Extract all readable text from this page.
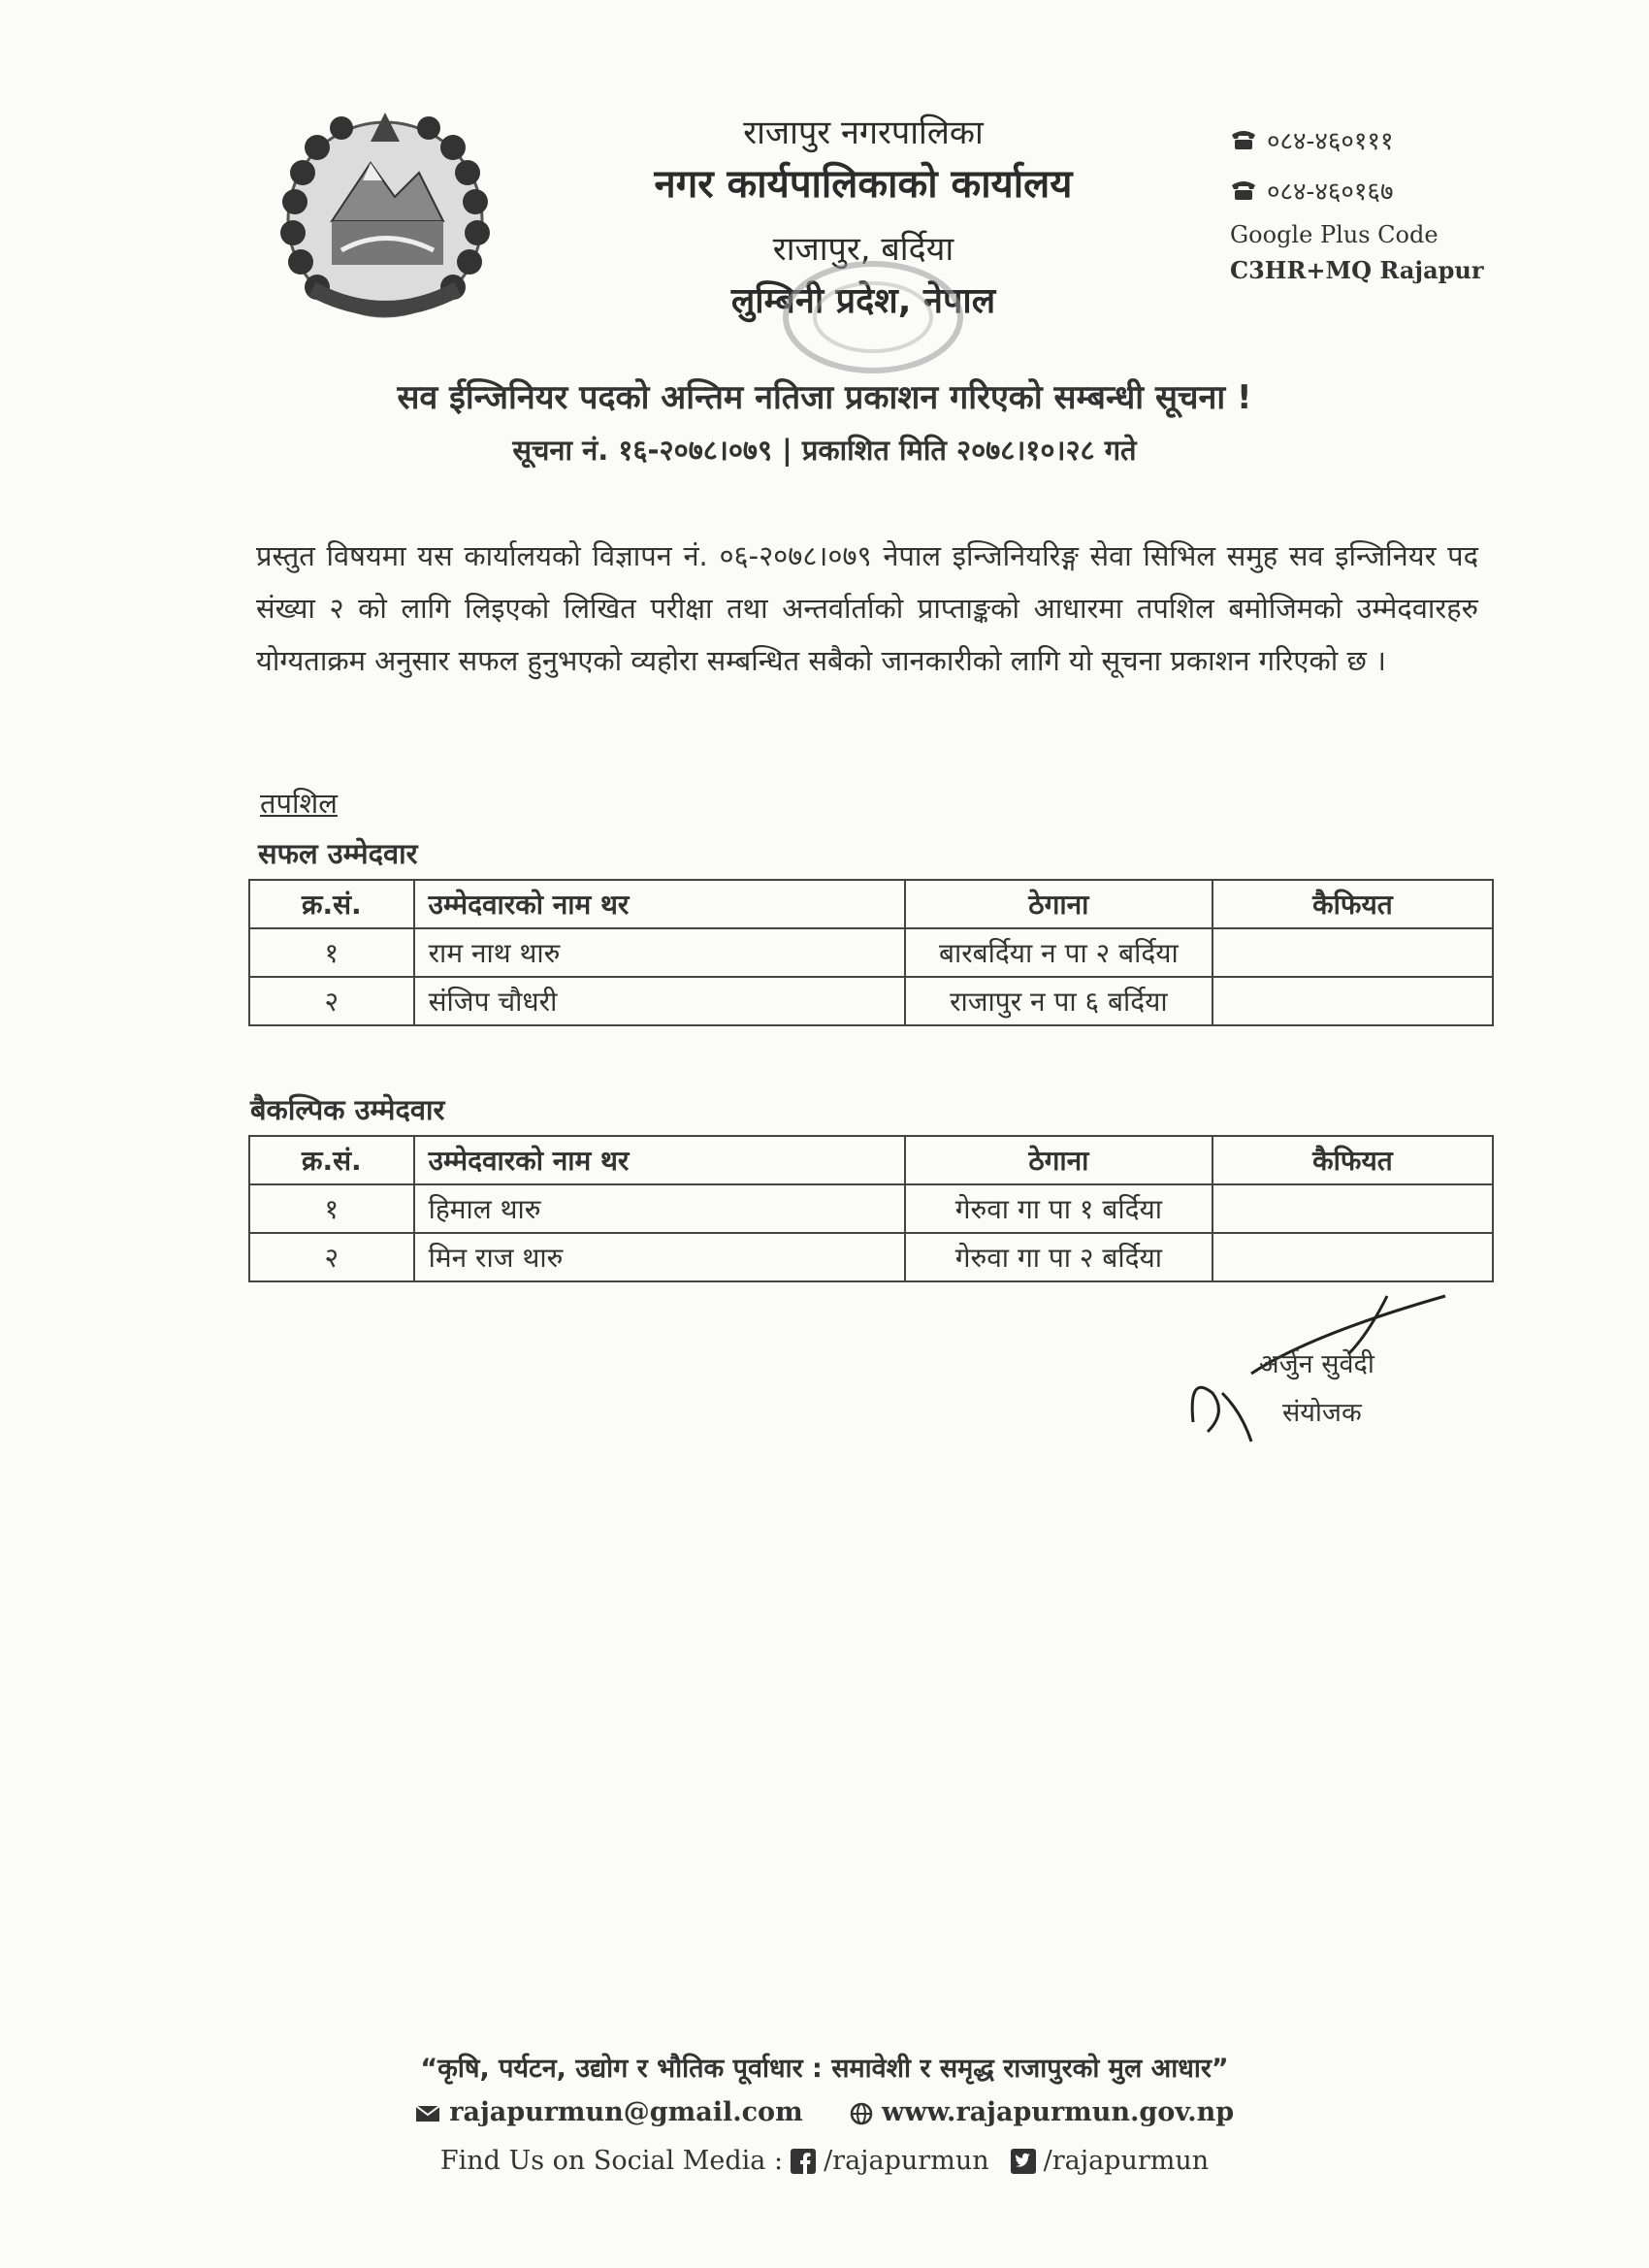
राजापुर नगरपालिका
नगर कार्यपालिकाको कार्यालय
राजापुर, बर्दिया
लुम्बिनी प्रदेश, नेपाल
०८४-४६०१११
०८४-४६०१६७
Google Plus Code
C3HR+MQ Rajapur
सव ईन्जिनियर पदको अन्तिम नतिजा प्रकाशन गरिएको सम्बन्धी सूचना !
सूचना नं. १६-२०७८।०७९ | प्रकाशित मिति २०७८।१०।२८ गते
प्रस्तुत विषयमा यस कार्यालयको विज्ञापन नं. ०६-२०७८।०७९ नेपाल इन्जिनियरिङ्ग सेवा सिभिल समुह सव इन्जिनियर पद संख्या २ को लागि लिइएको लिखित परीक्षा तथा अन्तर्वार्ताको प्राप्ताङ्कको आधारमा तपशिल बमोजिमको उम्मेदवारहरु योग्यताक्रम अनुसार सफल हुनुभएको व्यहोरा सम्बन्धित सबैको जानकारीको लागि यो सूचना प्रकाशन गरिएको छ ।
तपशिल
सफल उम्मेदवार
क्र.सं.	उम्मेदवारको नाम थर	ठेगाना	कैफियत
१	राम नाथ थारु	बारबर्दिया न पा २ बर्दिया	
२	संजिप चौधरी	राजापुर न पा ६ बर्दिया	
बैकल्पिक उम्मेदवार
क्र.सं.	उम्मेदवारको नाम थर	ठेगाना	कैफियत
१	हिमाल थारु	गेरुवा गा पा १ बर्दिया	
२	मिन राज थारु	गेरुवा गा पा २ बर्दिया	
अर्जुन सुवेदी
संयोजक
“कृषि, पर्यटन, उद्योग र भौतिक पूर्वाधार : समावेशी र समृद्ध राजापुरको मुल आधार”
rajapurmun@gmail.com	www.rajapurmun.gov.np
Find Us on Social Media : /rajapurmun /rajapurmun
